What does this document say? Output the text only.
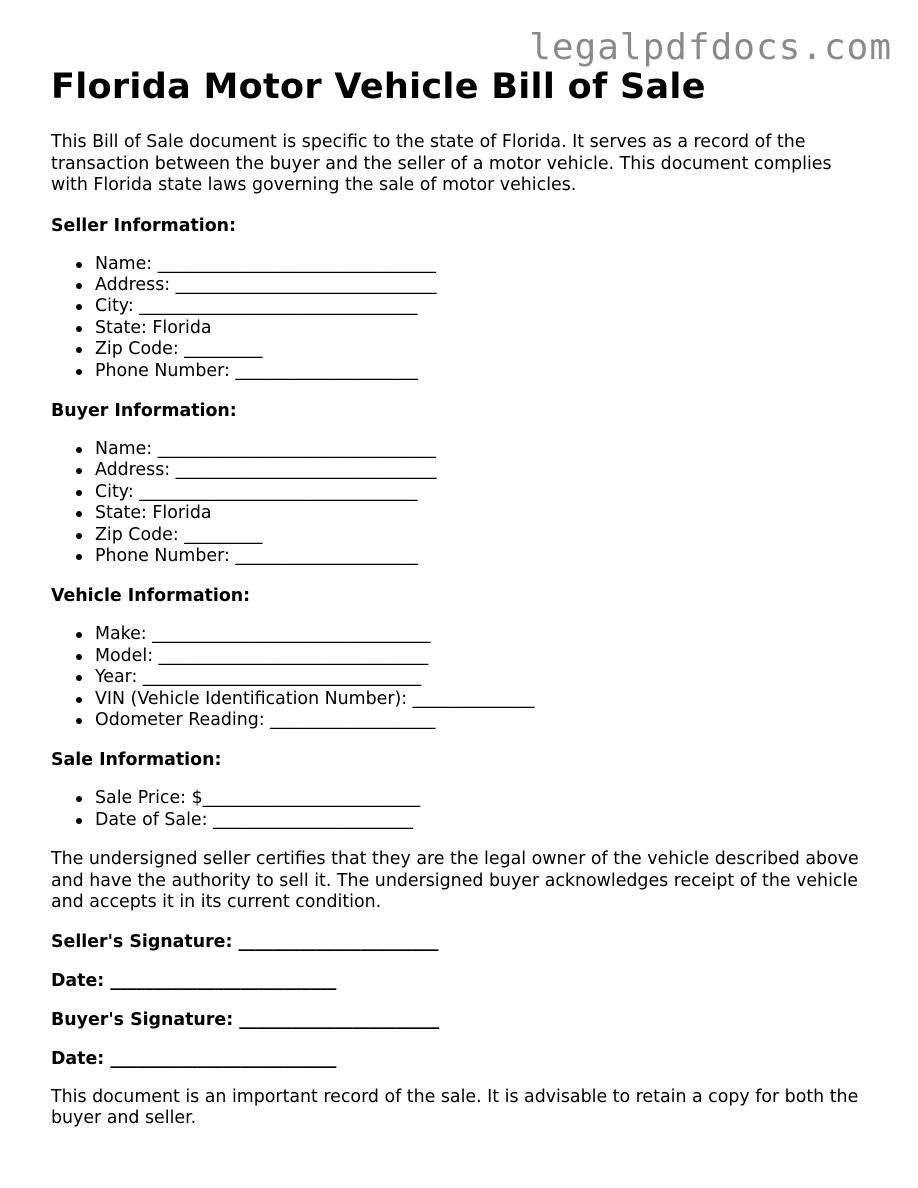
legalpdfdocs.com
Florida Motor Vehicle Bill of Sale

This Bill of Sale document is specific to the state of Florida. It serves as a record of the transaction between the buyer and the seller of a motor vehicle. This document complies with Florida state laws governing the sale of motor vehicles.

Seller Information:
Name: ________________________________
Address: ______________________________
City: ________________________________
State: Florida
Zip Code: _________
Phone Number: _____________________
Buyer Information:
Name: ________________________________
Address: ______________________________
City: ________________________________
State: Florida
Zip Code: _________
Phone Number: _____________________
Vehicle Information:
Make: ________________________________
Model: _______________________________
Year: ________________________________
VIN (Vehicle Identification Number): ______________
Odometer Reading: ___________________
Sale Information:
Sale Price: $_________________________
Date of Sale: _______________________

The undersigned seller certifies that they are the legal owner of the vehicle described above and have the authority to sell it. The undersigned buyer acknowledges receipt of the vehicle and accepts it in its current condition.

Seller's Signature: _______________________
Date: __________________________
Buyer's Signature: _______________________
Date: __________________________

This document is an important record of the sale. It is advisable to retain a copy for both the buyer and seller.
